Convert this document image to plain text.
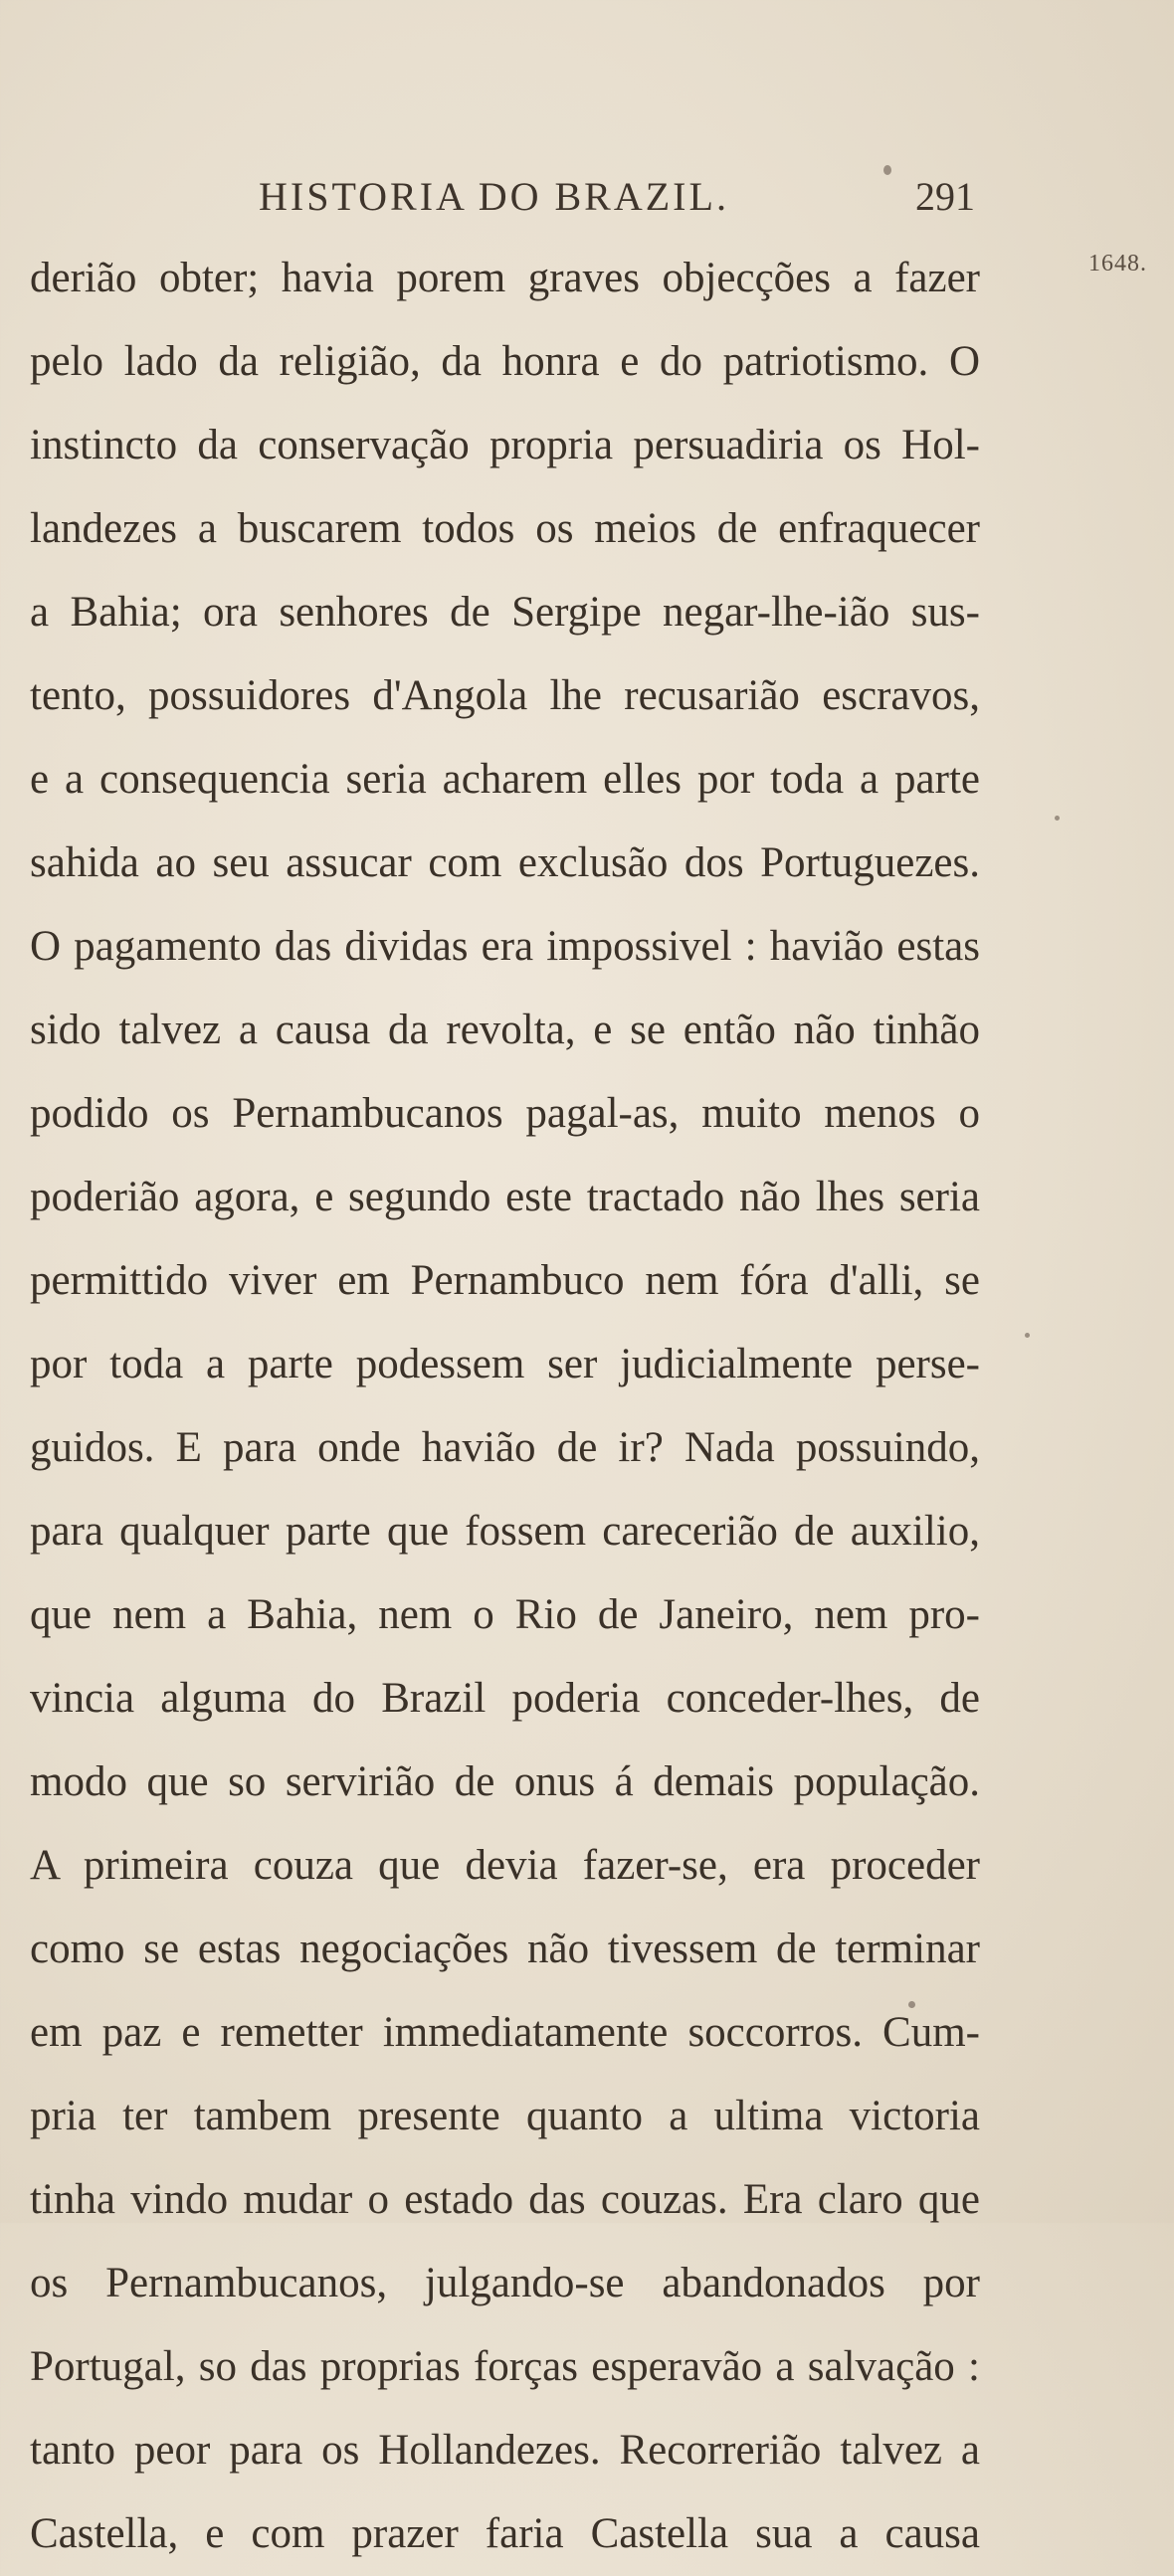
HISTORIA DO BRAZIL.	291
1648.
derião obter; havia porem graves objecções a fazer
pelo lado da religião, da honra e do patriotismo. O
instincto da conservação propria persuadiria os Hol-
landezes a buscarem todos os meios de enfraquecer
a Bahia; ora senhores de Sergipe negar-lhe-ião sus-
tento, possuidores d'Angola lhe recusarião escravos,
e a consequencia seria acharem elles por toda a parte
sahida ao seu assucar com exclusão dos Portuguezes.
O pagamento das dividas era impossivel : havião estas
sido talvez a causa da revolta, e se então não tinhão
podido os Pernambucanos pagal-as, muito menos o
poderião agora, e segundo este tractado não lhes seria
permittido viver em Pernambuco nem fóra d'alli, se
por toda a parte podessem ser judicialmente perse-
guidos. E para onde havião de ir? Nada possuindo,
para qualquer parte que fossem carecerião de auxilio,
que nem a Bahia, nem o Rio de Janeiro, nem pro-
vincia alguma do Brazil poderia conceder-lhes, de
modo que so servirião de onus á demais população.
A primeira couza que devia fazer-se, era proceder
como se estas negociações não tivessem de terminar
em paz e remetter immediatamente soccorros. Cum-
pria ter tambem presente quanto a ultima victoria
tinha vindo mudar o estado das couzas. Era claro que
os Pernambucanos, julgando-se abandonados por
Portugal, so das proprias forças esperavão a salvação :
tanto peor para os Hollandezes. Recorrerião talvez a
Castella, e com prazer faria Castella sua a causa
